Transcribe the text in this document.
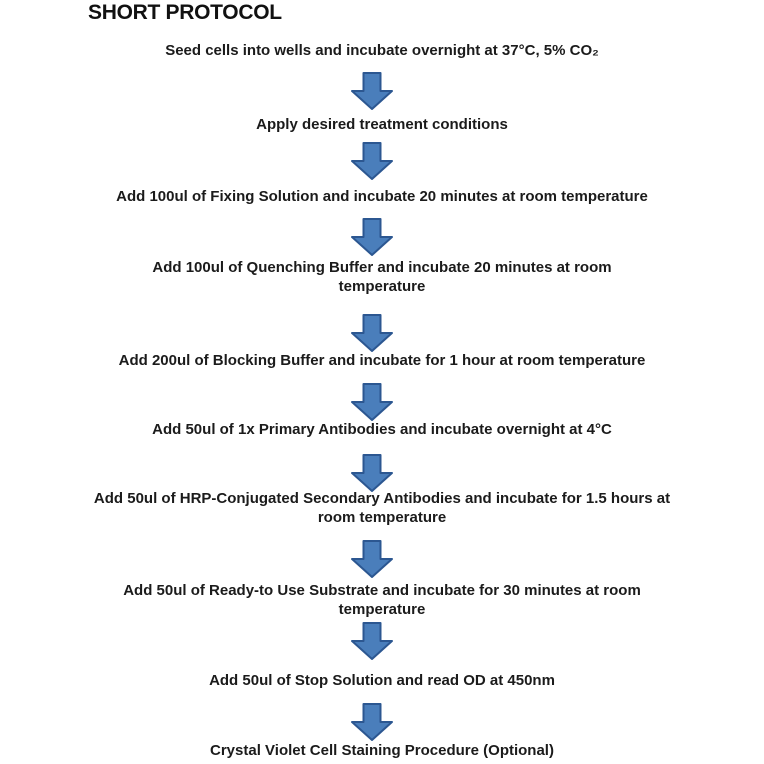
SHORT PROTOCOL
Seed cells into wells and incubate overnight at 37°C, 5% CO₂
Apply desired treatment conditions
Add 100ul of Fixing Solution and incubate 20 minutes at room temperature
Add 100ul of Quenching Buffer and incubate 20 minutes at room temperature
Add 200ul of Blocking Buffer and incubate for 1 hour at room temperature
Add 50ul of 1x Primary Antibodies and incubate overnight at 4°C
Add 50ul of HRP-Conjugated Secondary Antibodies and incubate for 1.5 hours at room temperature
Add 50ul of Ready-to Use Substrate and incubate for 30 minutes at room temperature
Add 50ul of Stop Solution and read OD at 450nm
Crystal Violet Cell Staining Procedure (Optional)
